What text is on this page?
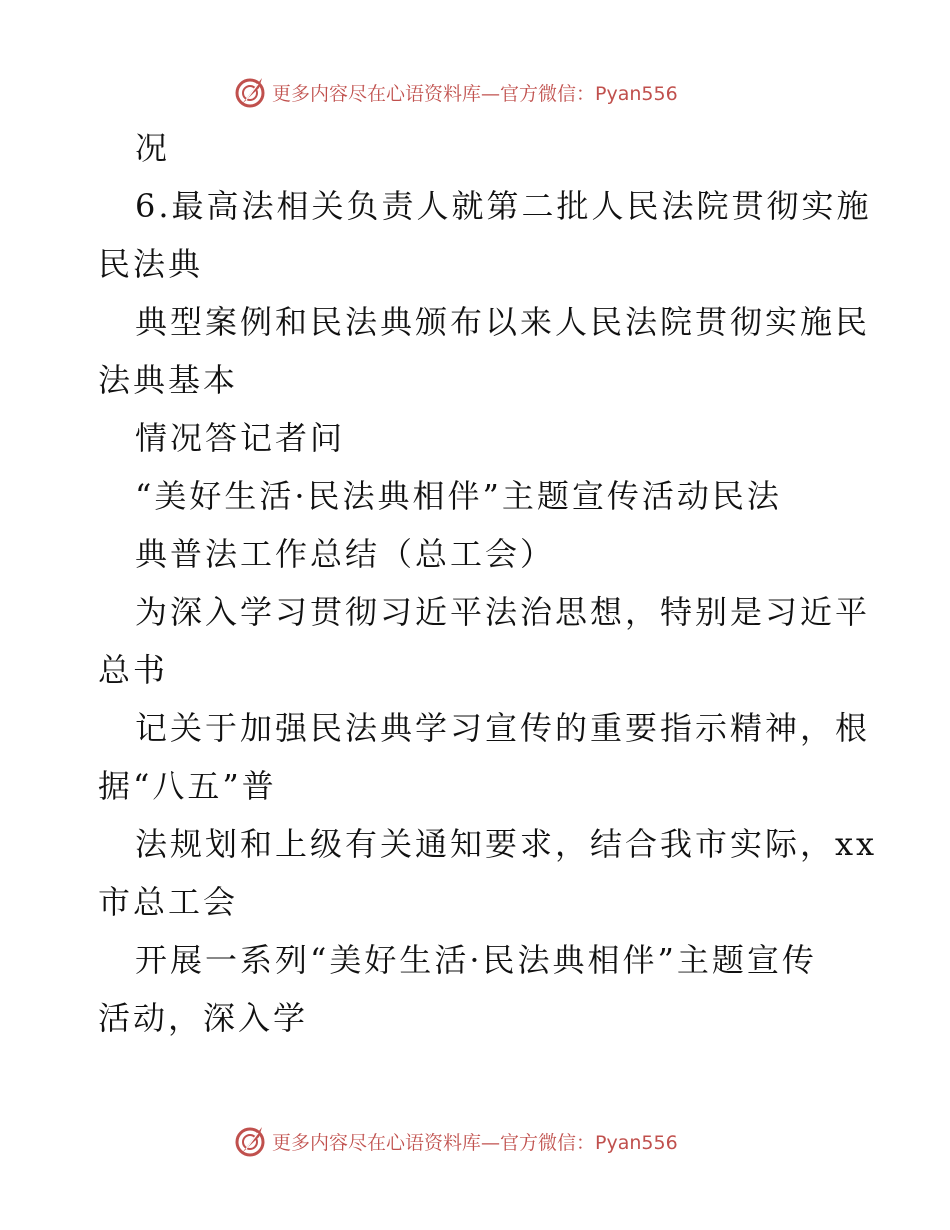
更多内容尽在心语资料库—官方微信：Pyan556
况
6.最高法相关负责人就第二批人民法院贯彻实施
民法典
典型案例和民法典颁布以来人民法院贯彻实施民
法典基本
情况答记者问
“美好生活·民法典相伴”主题宣传活动民法
典普法工作总结（总工会）
为深入学习贯彻习近平法治思想，特别是习近平
总书
记关于加强民法典学习宣传的重要指示精神，根
据“八五”普
法规划和上级有关通知要求，结合我市实际，xx
市总工会
开展一系列“美好生活·民法典相伴”主题宣传
活动，深入学
更多内容尽在心语资料库—官方微信：Pyan556
